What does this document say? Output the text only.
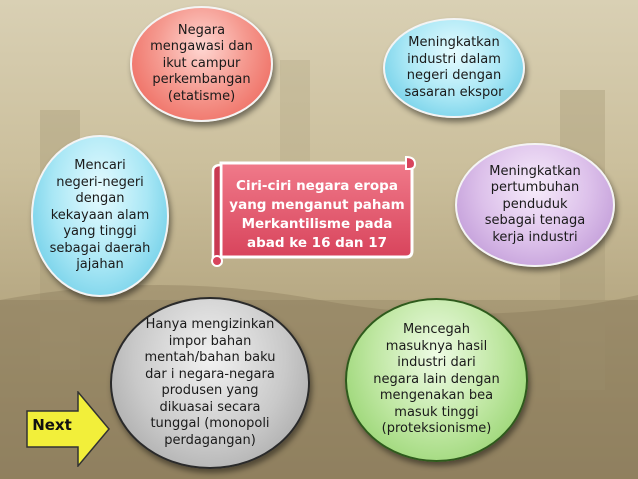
Negara
mengawasi dan
ikut campur
perkembangan
(etatisme)
Meningkatkan
industri dalam
negeri dengan
sasaran ekspor
Mencari
negeri-negeri
dengan
kekayaan alam
yang tinggi
sebagai daerah
jajahan
Meningkatkan
pertumbuhan
penduduk
sebagai tenaga
kerja industri
Hanya mengizinkan
impor bahan
mentah/bahan baku
dar i negara-negara
produsen yang
dikuasai secara
tunggal (monopoli
perdagangan)
Mencegah
masuknya hasil
industri dari
negara lain dengan
mengenakan bea
masuk tinggi
(proteksionisme)
Ciri-ciri negara eropa
yang menganut paham
Merkantilisme pada
abad ke 16 dan 17
Next
